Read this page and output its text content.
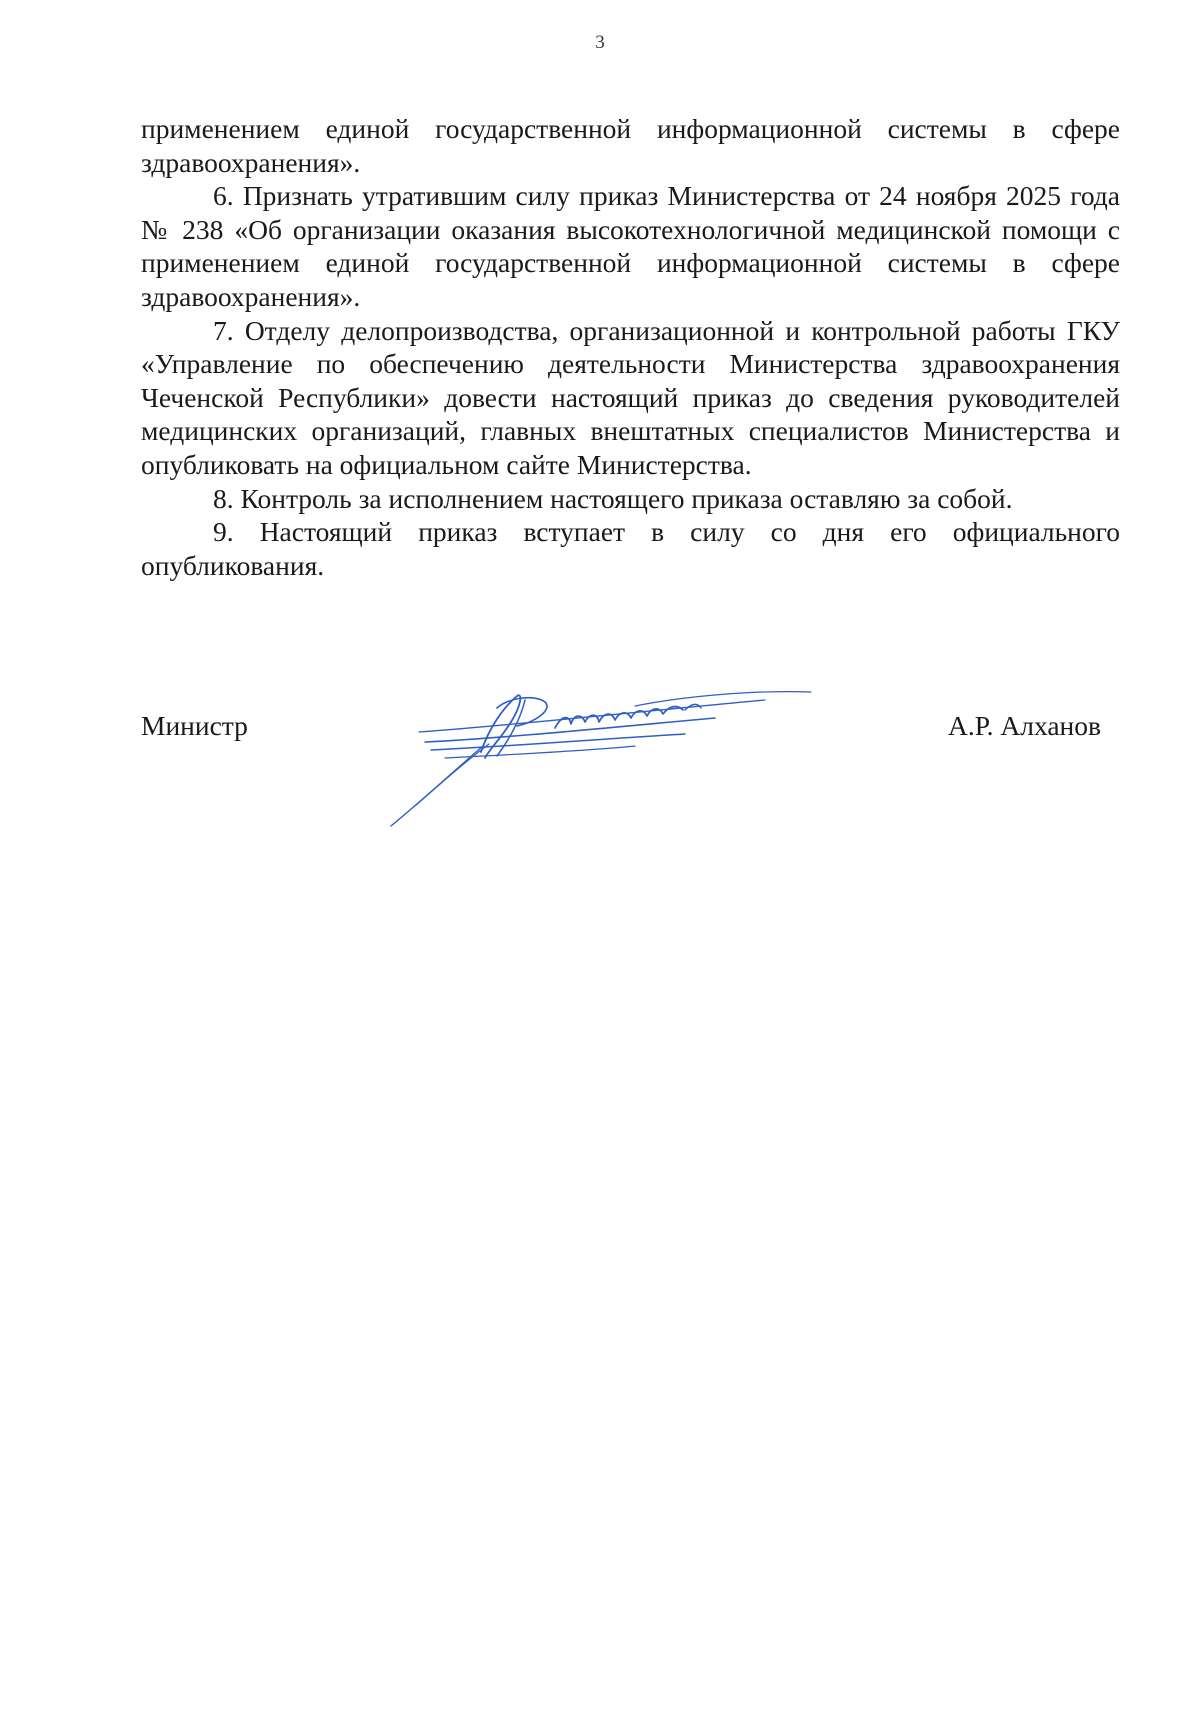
3

применением единой государственной информационной системы в сфере здравоохранения».

6. Признать утратившим силу приказ Министерства от 24 ноября 2025 года № 238 «Об организации оказания высокотехнологичной медицинской помощи с применением единой государственной информационной системы в сфере здравоохранения».

7. Отделу делопроизводства, организационной и контрольной работы ГКУ «Управление по обеспечению деятельности Министерства здравоохранения Чеченской Республики» довести настоящий приказ до сведения руководителей медицинских организаций, главных внештатных специалистов Министерства и опубликовать на официальном сайте Министерства.

8. Контроль за исполнением настоящего приказа оставляю за собой.

9. Настоящий приказ вступает в силу со дня его официального опубликования.

Министр	А.Р. Алханов
